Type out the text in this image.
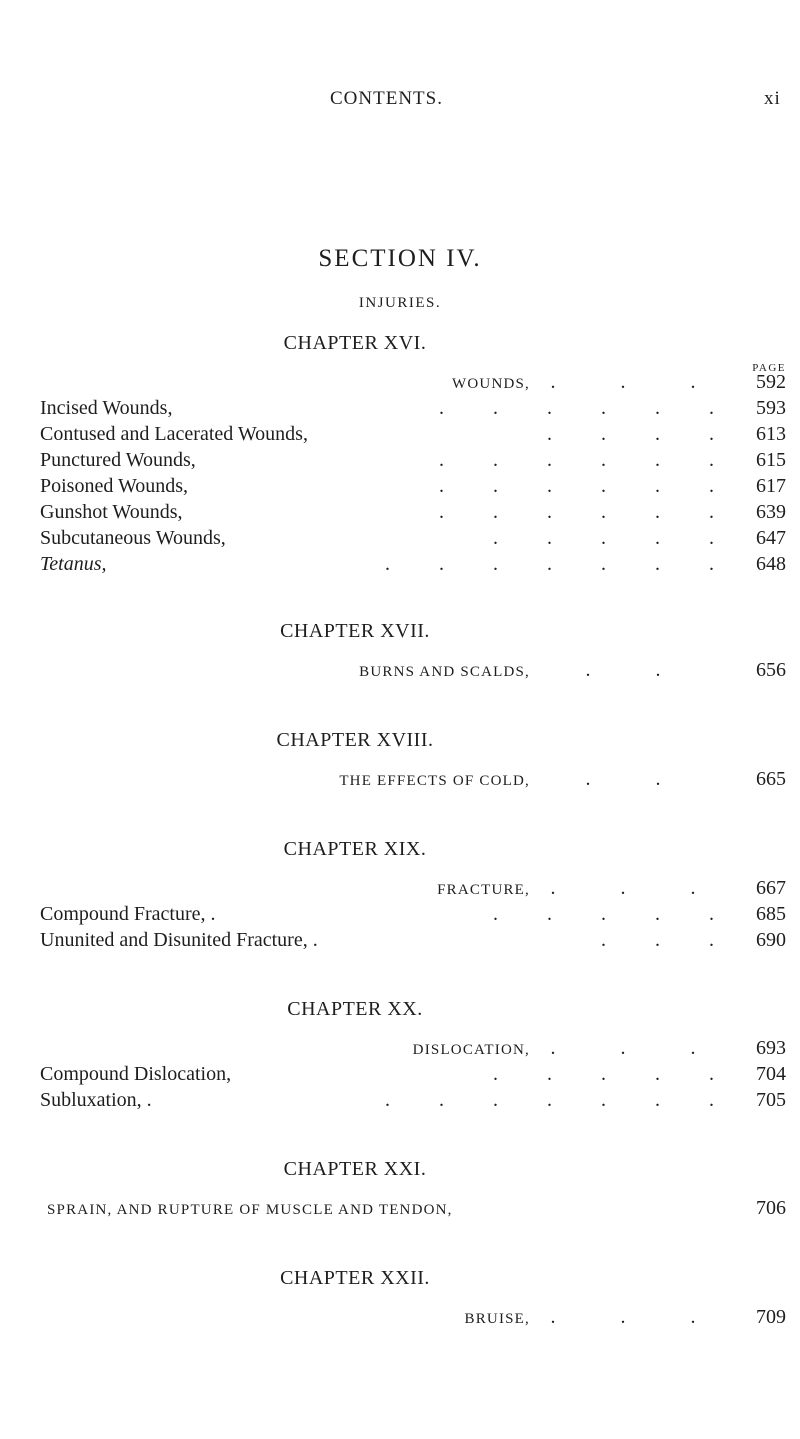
CONTENTS.	xi
SECTION IV.
INJURIES.
CHAPTER XVI.
PAGE
WOUNDS,	. . .	592
Incised Wounds,	. . . . . .	593
Contused and Lacerated Wounds,	. . . .	613
Punctured Wounds,	. . . . . .	615
Poisoned Wounds,	. . . . . .	617
Gunshot Wounds,	. . . . . .	639
Subcutaneous Wounds,	. . . . .	647
Tetanus,	. . . . . . .	648
CHAPTER XVII.
BURNS AND SCALDS,	. .	656
CHAPTER XVIII.
THE EFFECTS OF COLD,	. .	665
CHAPTER XIX.
FRACTURE,	. . .	667
Compound Fracture, .	. . . . .	685
Ununited and Disunited Fracture, .	. . .	690
CHAPTER XX.
DISLOCATION,	. . .	693
Compound Dislocation,	. . . . .	704
Subluxation, .	. . . . . . .	705
CHAPTER XXI.
SPRAIN, AND RUPTURE OF MUSCLE AND TENDON,	706
CHAPTER XXII.
BRUISE,	. . .	709
